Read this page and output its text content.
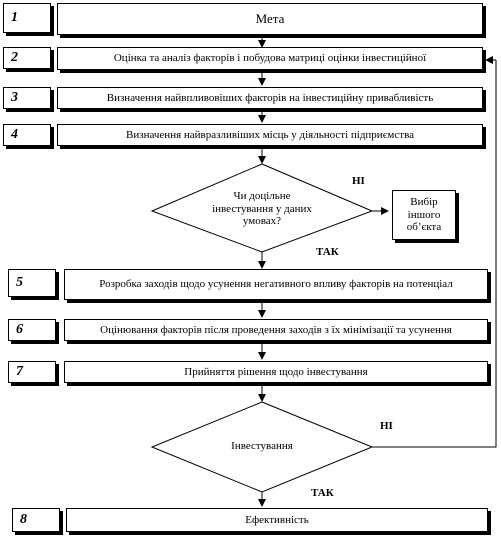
1
2
3
4
5
6
7
8
Мета
Оцінка та аналіз факторів і побудова матриці оцінки інвестиційної
Визначення найвпливовіших факторів на інвестиційну привабливість
Визначення найвразливіших місць у діяльності підприємства
Розробка заходів щодо усунення негативного впливу факторів на потенціал
Оцінювання факторів після проведення заходів з їх мінімізації та усунення
Прийняття рішення щодо інвестування
Ефективність
Вибір іншого об’єкта
Чи доцільне інвестування у даних умовах?
Інвестування
НІ
ТАК
НІ
ТАК
